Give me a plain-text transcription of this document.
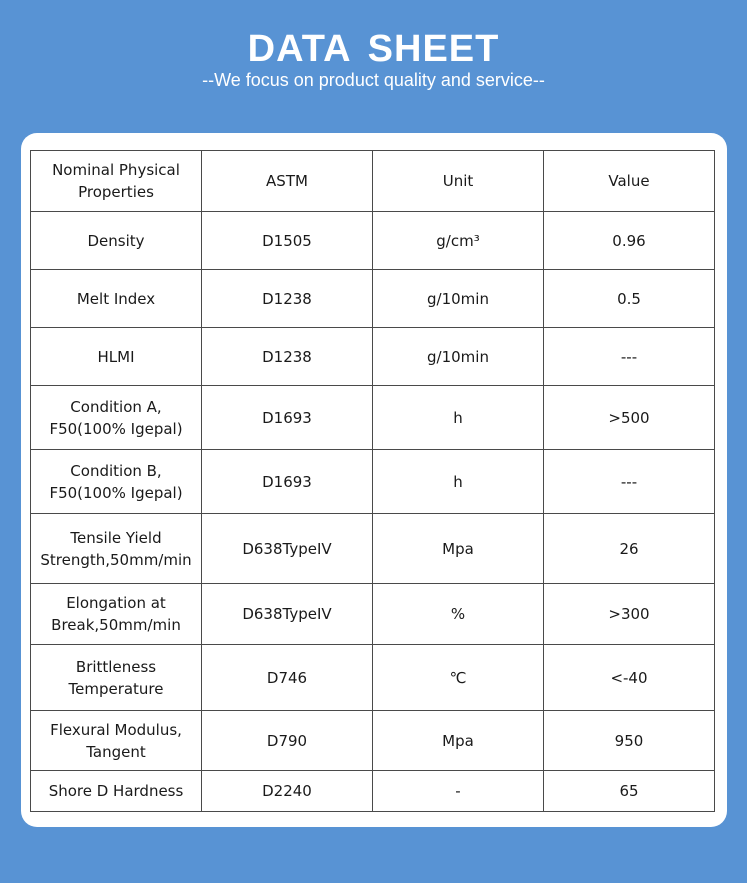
DATA SHEET
--We focus on product quality and service--
Nominal Physical
Properties	ASTM	Unit	Value
Density	D1505	g/cm³	0.96
Melt Index	D1238	g/10min	0.5
HLMI	D1238	g/10min	---
Condition A,
F50(100% Igepal)	D1693	h	>500
Condition B,
F50(100% Igepal)	D1693	h	---
Tensile Yield
Strength,50mm/min	D638TypeIV	Mpa	26
Elongation at
Break,50mm/min	D638TypeIV	%	>300
Brittleness
Temperature	D746	℃	<-40
Flexural Modulus,
Tangent	D790	Mpa	950
Shore D Hardness	D2240	-	65
